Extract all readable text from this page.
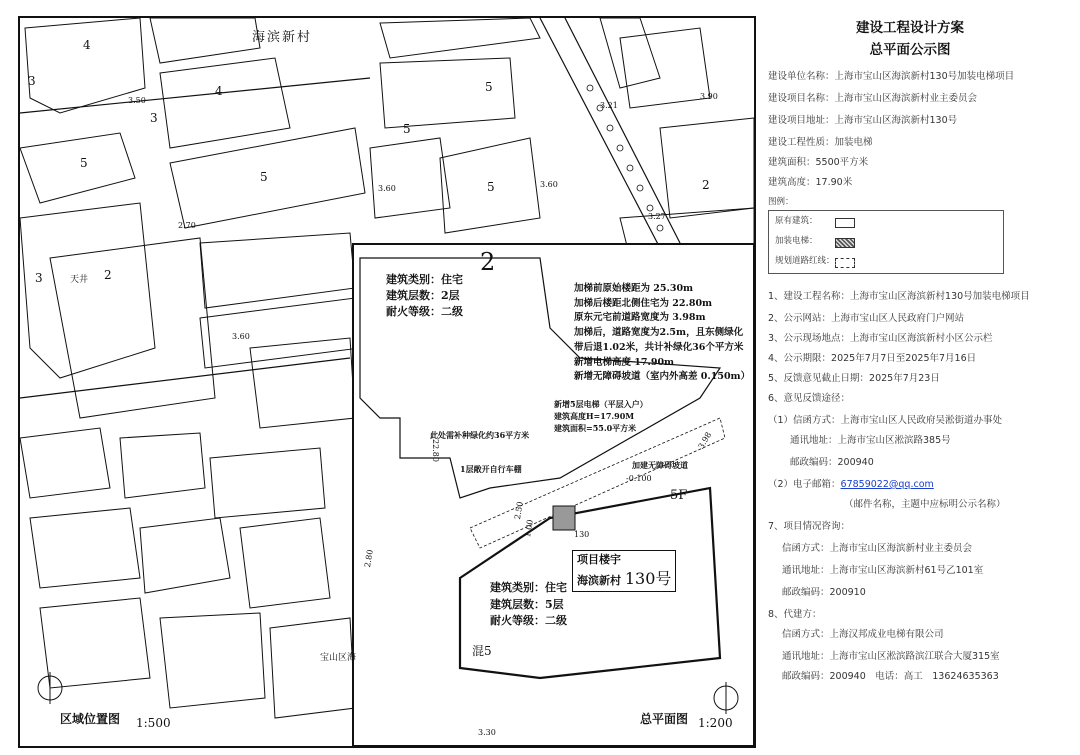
海滨新村
4
4
3
3
3
5
5
5
5
5
2
2
天井
3.50
3.21
3.90
3.60	3.60
3.27
2.70
3.60
3.30
宝山区海
区域位置图 1:500	总平面图 1:200
2
建筑类别：住宅
建筑层数：2层
耐火等级：二级
加梯前原始楼距为 25.30m
加梯后楼距北侧住宅为 22.80m
原东元宅前道路宽度为 3.98m
加梯后，道路宽度为2.5m，且东侧绿化
带后退1.02米，共计补绿化36个平方米
新增电梯高度 17.90m
新增无障碍坡道（室内外高差 0.150m）
新增5层电梯（平层入户）
建筑高度H=17.90M
建筑面积=55.0平方米
此处需补种绿化约36平方米
1层敞开自行车棚	加建无障碍坡道
-0.100
5F
项目楼宇
海滨新村 130号
建筑类别：住宅
建筑层数：5层
耐火等级：二级
混5
22.80	3.98
2.80
2.50
1.00	130
建设工程设计方案
总平面公示图
建设单位名称：上海市宝山区海滨新村130号加装电梯项目
建设项目名称：上海市宝山区海滨新村业主委员会
建设项目地址：上海市宝山区海滨新村130号
建设工程性质：加装电梯
建筑面积：5500平方米
建筑高度：17.90米
图例：
原有建筑：
加装电梯：
规划道路红线：
1、建设工程名称：上海市宝山区海滨新村130号加装电梯项目
2、公示网站：上海市宝山区人民政府门户网站
3、公示现场地点：上海市宝山区海滨新村小区公示栏
4、公示期限：2025年7月7日至2025年7月16日
5、反馈意见截止日期：2025年7月23日
6、意见反馈途径：
（1）信函方式：上海市宝山区人民政府吴淞街道办事处
通讯地址：上海市宝山区淞滨路385号
邮政编码：200940
（2）电子邮箱：67859022@qq.com
（邮件名称，主题中应标明公示名称）
7、项目情况咨询：
信函方式：上海市宝山区海滨新村业主委员会
通讯地址：上海市宝山区海滨新村61号乙101室
邮政编码：200910
8、代建方：
信函方式：上海汉邦成业电梯有限公司
通讯地址：上海市宝山区淞滨路滨江联合大厦315室
邮政编码：200940　电话：高工　13624635363
